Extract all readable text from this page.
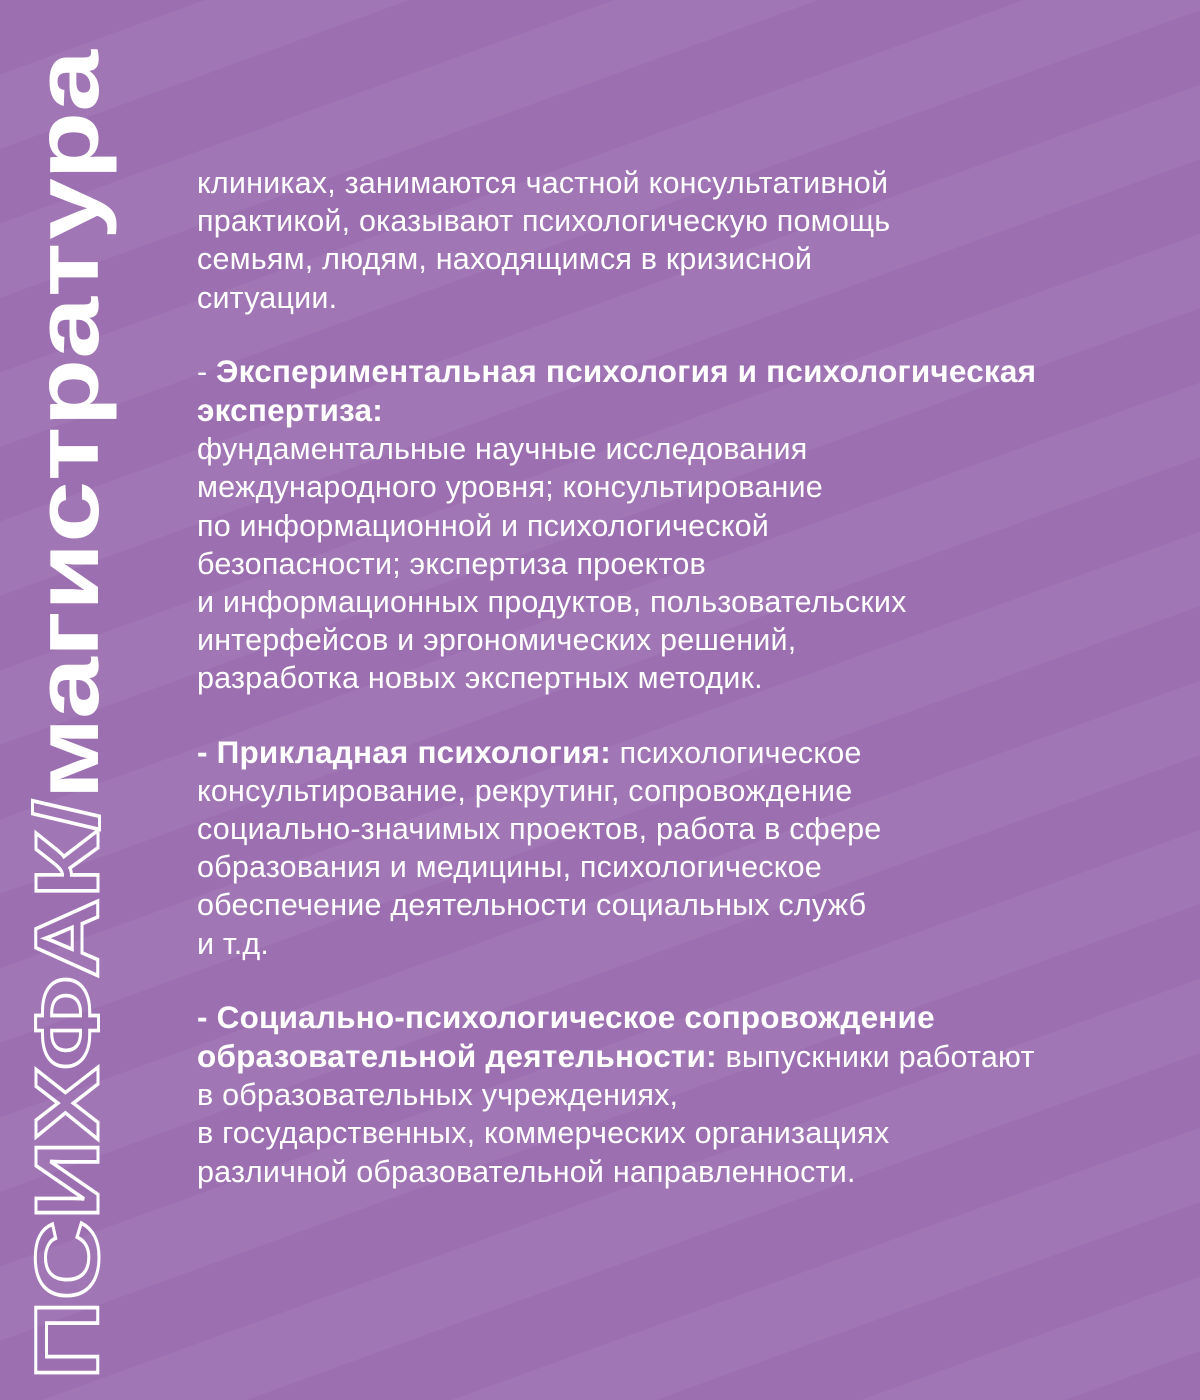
ПСИХФАК/магистратура

клиниках, занимаются частной консультативной
практикой, оказывают психологическую помощь
семьям, людям, находящимся в кризисной
ситуации.

- Экспериментальная психология и психологическая экспертиза:
фундаментальные научные исследования
международного уровня; консультирование
по информационной и психологической
безопасности; экспертиза проектов
и информационных продуктов, пользовательских
интерфейсов и эргономических решений,
разработка новых экспертных методик.

- Прикладная психология: психологическое
консультирование, рекрутинг, сопровождение
социально-значимых проектов, работа в сфере
образования и медицины, психологическое
обеспечение деятельности социальных служб
и т.д.

- Социально-психологическое сопровождение образовательной деятельности: выпускники работают
в образовательных учреждениях,
в государственных, коммерческих организациях
различной образовательной направленности.
